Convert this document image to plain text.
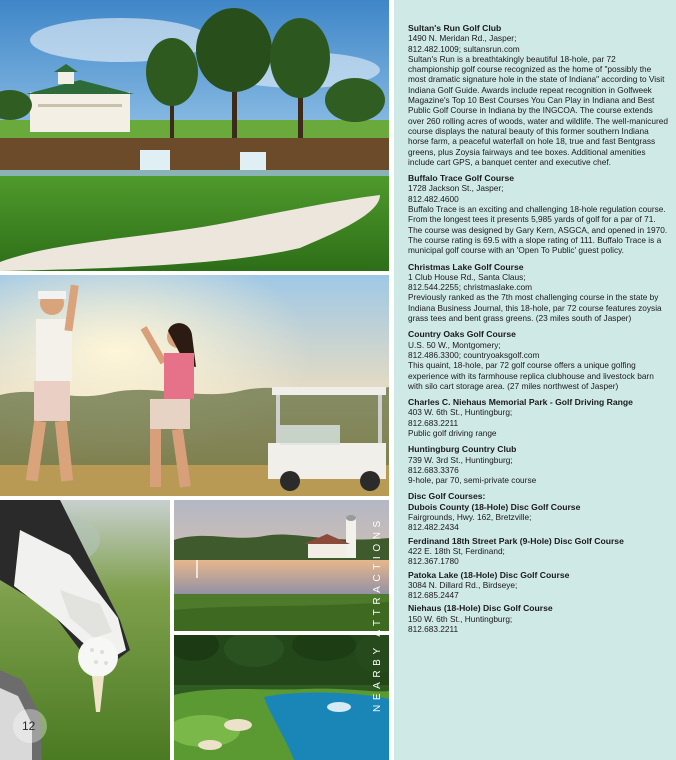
NEARBY ATTRACTIONS
12
Sultan's Run Golf Club
1490 N. Meridan Rd., Jasper;
812.482.1009; sultansrun.com
Sultan's Run is a breathtakingly beautiful 18-hole, par 72 championship golf course recognized as the home of "possibly the most dramatic signature hole in the state of Indiana" according to Visit Indiana Golf Guide. Awards include repeat recognition in Golfweek Magazine's Top 10 Best Courses You Can Play in Indiana and Best Public Golf Course in Indiana by the INGCOA. The course extends over 260 rolling acres of woods, water and wildlife. The well-manicured course displays the natural beauty of this former southern Indiana horse farm, a peaceful waterfall on hole 18, true and fast Bentgrass greens, plus Zoysia fairways and tee boxes. Additional amenities include cart GPS, a banquet center and executive chef.
Buffalo Trace Golf Course
1728 Jackson St., Jasper;
812.482.4600
Buffalo Trace is an exciting and challenging 18-hole regulation course. From the longest tees it presents 5,985 yards of golf for a par of 71. The course was designed by Gary Kern, ASGCA, and opened in 1970. The course rating is 69.5 with a slope rating of 111. Buffalo Trace is a municipal golf course with an 'Open To Public' guest policy.
Christmas Lake Golf Course
1 Club House Rd., Santa Claus;
812.544.2255; christmaslake.com
Previously ranked as the 7th most challenging course in the state by Indiana Business Journal, this 18-hole, par 72 course features zoysia grass tees and bent grass greens. (23 miles south of Jasper)
Country Oaks Golf Course
U.S. 50 W., Montgomery;
812.486.3300; countryoaksgolf.com
This quaint, 18-hole, par 72 golf course offers a unique golfing experience with its farmhouse replica clubhouse and livestock barn with silo cart storage area. (27 miles northwest of Jasper)
Charles C. Niehaus Memorial Park - Golf Driving Range
403 W. 6th St., Huntingburg;
812.683.2211
Public golf driving range
Huntingburg Country Club
739 W. 3rd St., Huntingburg;
812.683.3376
9-hole, par 70, semi-private course
Disc Golf Courses:
Dubois County (18-Hole) Disc Golf Course
Fairgrounds, Hwy. 162, Bretzville;
812.482.2434
Ferdinand 18th Street Park (9-Hole) Disc Golf Course
422 E. 18th St, Ferdinand;
812.367.1780
Patoka Lake (18-Hole) Disc Golf Course
3084 N. Dillard Rd., Birdseye;
812.685.2447
Niehaus (18-Hole) Disc Golf Course
150 W. 6th St., Huntingburg;
812.683.2211
